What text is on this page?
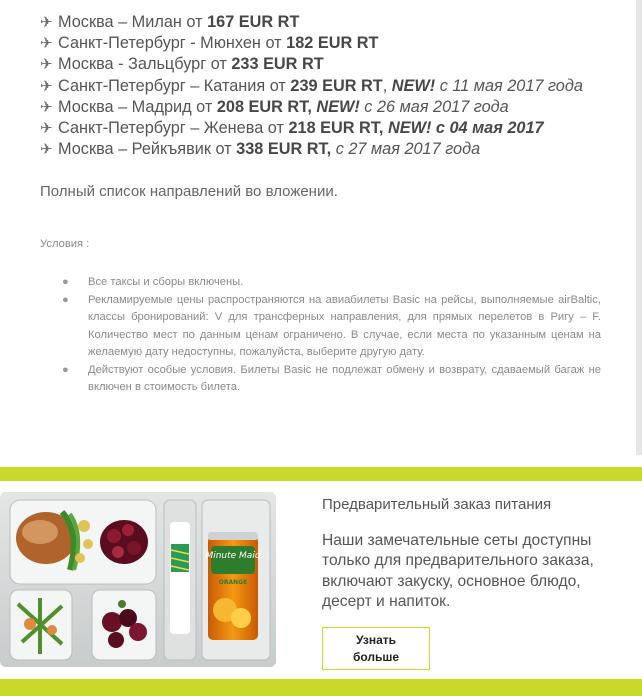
✈ Москва – Милан от 167 EUR RT
✈ Санкт-Петербург - Мюнхен от 182 EUR RT
✈ Москва - Зальцбург от 233 EUR RT
✈ Санкт-Петербург – Катания от 239 EUR RT, NEW! с 11 мая 2017 года
✈ Москва – Мадрид от 208 EUR RT, NEW! с 26 мая 2017 года
✈ Санкт-Петербург – Женева от 218 EUR RT, NEW! с 04 мая 2017
✈ Москва – Рейкъявик от 338 EUR RT, с 27 мая 2017 года
Полный список направлений во вложении.
Условия :
● Все таксы и сборы включены.
● Рекламируемые цены распространяются на авиабилеты Basic на рейсы, выполняемые airBaltic, классы бронирований: V для трансферных направления, для прямых перелетов в Ригу – F. Количество мест по данным ценам ограничено. В случае, если места по указанным ценам на желаемую дату недоступны, пожалуйста, выберите другую дату.
● Действуют особые условия. Билеты Basic не подлежат обмену и возврату, сдаваемый багаж не включен в стоимость билета.
Minute Maid
ORANGE
Предварительный заказ питания
Наши замечательные сеты доступны только для предварительного заказа, включают закуску, основное блюдо, десерт и напиток.
Узнать
больше
